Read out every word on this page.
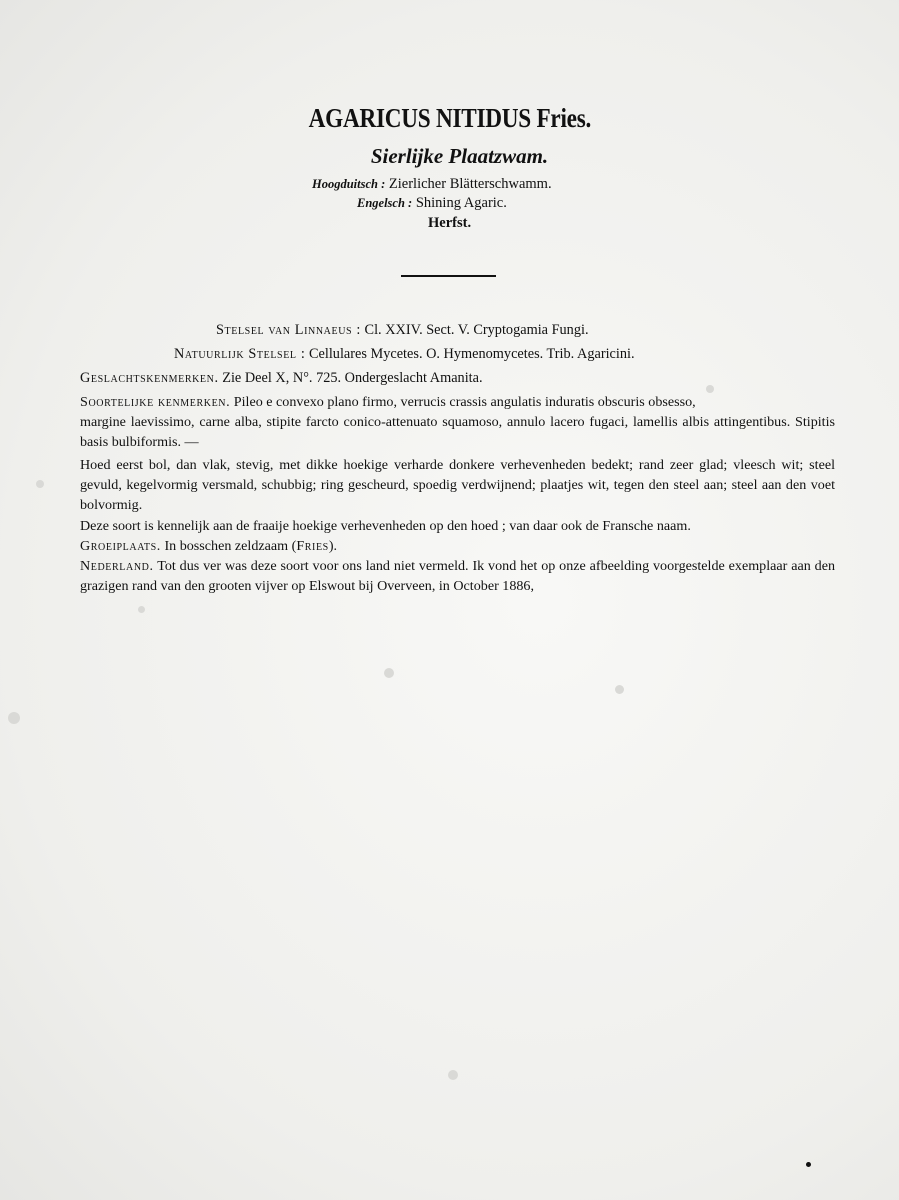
AGARICUS NITIDUS Fries.
Sierlijke Plaatzwam.
Hoogduitsch : Zierlicher Blätterschwamm.
Engelsch : Shining Agaric.
Herfst.
Stelsel van Linnaeus : Cl. XXIV. Sect. V. Cryptogamia Fungi.
Natuurlijk Stelsel : Cellulares Mycetes. O. Hymenomycetes. Trib. Agaricini.
Geslachtskenmerken. Zie Deel X, N°. 725. Ondergeslacht Amanita.
Soortelijke kenmerken. Pileo e convexo plano firmo, verrucis crassis angulatis induratis obscuris obsesso,
margine laevissimo, carne alba, stipite farcto conico-attenuato squamoso, annulo lacero fugaci, lamellis albis attingentibus. Stipitis basis bulbiformis. —
Hoed eerst bol, dan vlak, stevig, met dikke hoekige verharde donkere verhevenheden bedekt; rand zeer glad; vleesch wit; steel gevuld, kegelvormig versmald, schubbig; ring gescheurd, spoedig verdwijnend; plaatjes wit, tegen den steel aan; steel aan den voet bolvormig.
Deze soort is kennelijk aan de fraaije hoekige verhevenheden op den hoed ; van daar ook de Fransche naam.
Groeiplaats. In bosschen zeldzaam (Fries).
Nederland. Tot dus ver was deze soort voor ons land niet vermeld. Ik vond het op onze afbeelding voorgestelde exemplaar aan den grazigen rand van den grooten vijver op Elswout bij Overveen, in October 1886,
